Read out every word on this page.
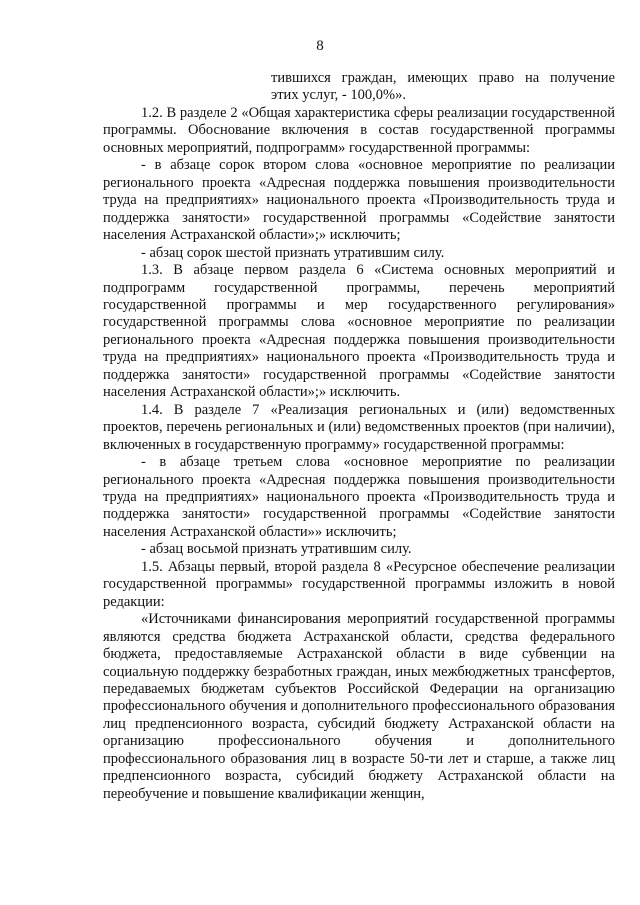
8
тившихся граждан, имеющих право на получение
этих услуг, - 100,0%».

1.2. В разделе 2 «Общая характеристика сферы реализации государственной программы. Обоснование включения в состав государственной программы основных мероприятий, подпрограмм» государственной программы:

- в абзаце сорок втором слова «основное мероприятие по реализации регионального проекта «Адресная поддержка повышения производительности труда на предприятиях» национального проекта «Производительность труда и поддержка занятости» государственной программы «Содействие занятости населения Астраханской области»;» исключить;

- абзац сорок шестой признать утратившим силу.

1.3. В абзаце первом раздела 6 «Система основных мероприятий и подпрограмм государственной программы, перечень мероприятий государственной программы и мер государственного регулирования» государственной программы слова «основное мероприятие по реализации регионального проекта «Адресная поддержка повышения производительности труда на предприятиях» национального проекта «Производительность труда и поддержка занятости» государственной программы «Содействие занятости населения Астраханской области»;» исключить.

1.4. В разделе 7 «Реализация региональных и (или) ведомственных проектов, перечень региональных и (или) ведомственных проектов (при наличии), включенных в государственную программу» государственной программы:

- в абзаце третьем слова «основное мероприятие по реализации регионального проекта «Адресная поддержка повышения производительности труда на предприятиях» национального проекта «Производительность труда и поддержка занятости» государственной программы «Содействие занятости населения Астраханской области»» исключить;

- абзац восьмой признать утратившим силу.

1.5. Абзацы первый, второй раздела 8 «Ресурсное обеспечение реализации государственной программы» государственной программы изложить в новой редакции:

«Источниками финансирования мероприятий государственной программы являются средства бюджета Астраханской области, средства федерального бюджета, предоставляемые Астраханской области в виде субвенции на социальную поддержку безработных граждан, иных межбюджетных трансфертов, передаваемых бюджетам субъектов Российской Федерации на организацию профессионального обучения и дополнительного профессионального образования лиц предпенсионного возраста, субсидий бюджету Астраханской области на организацию профессионального обучения и дополнительного профессионального образования лиц в возрасте 50-ти лет и старше, а также лиц предпенсионного возраста, субсидий бюджету Астраханской области на переобучение и повышение квалификации женщин,
